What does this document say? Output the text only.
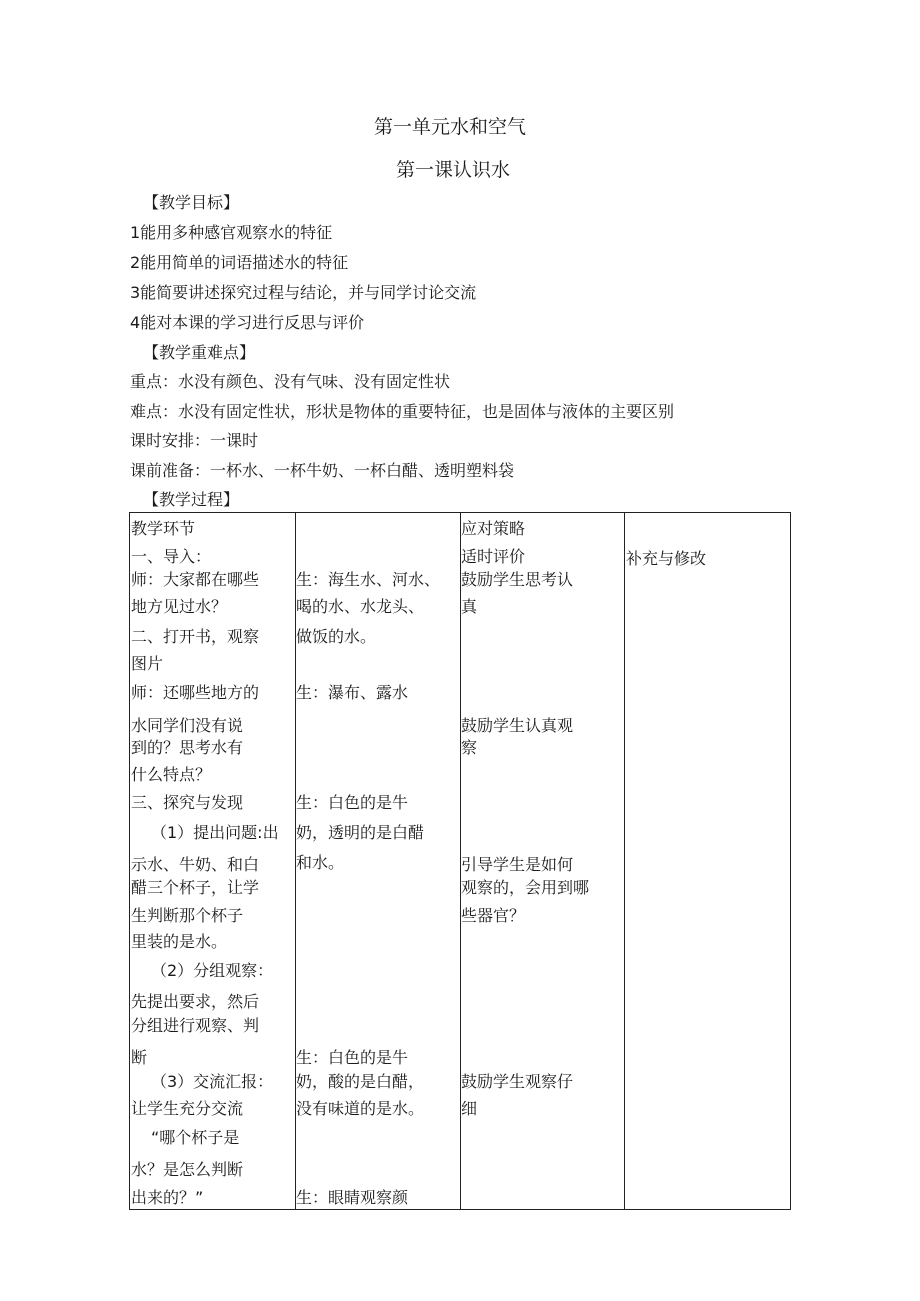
第一单元水和空气
第一课认识水
【教学目标】
1能用多种感官观察水的特征
2能用简单的词语描述水的特征
3能简要讲述探究过程与结论，并与同学讨论交流
4能对本课的学习进行反思与评价
【教学重难点】
重点：水没有颜色、没有气味、没有固定性状
难点：水没有固定性状，形状是物体的重要特征，也是固体与液体的主要区别
课时安排：一课时
课前准备：一杯水、一杯牛奶、一杯白醋、透明塑料袋
【教学过程】
教学环节
一、导入：
师：大家都在哪些
地方见过水？
二、打开书，观察
图片
师：还哪些地方的
水同学们没有说
到的？思考水有
什么特点？
三、探究与发现
（1）提出问题:出
示水、牛奶、和白
醋三个杯子，让学
生判断那个杯子
里装的是水。
（2）分组观察：
先提出要求，然后
分组进行观察、判
断
（3）交流汇报：
让学生充分交流
“哪个杯子是
水？是怎么判断
出来的？”
生：海生水、河水、
喝的水、水龙头、
做饭的水。
生：瀑布、露水
生：白色的是牛
奶，透明的是白醋
和水。
生：白色的是牛
奶，酸的是白醋，
没有味道的是水。
生：眼睛观察颜
应对策略
适时评价
鼓励学生思考认
真
鼓励学生认真观
察
引导学生是如何
观察的，会用到哪
些器官？
鼓励学生观察仔
细
补充与修改
